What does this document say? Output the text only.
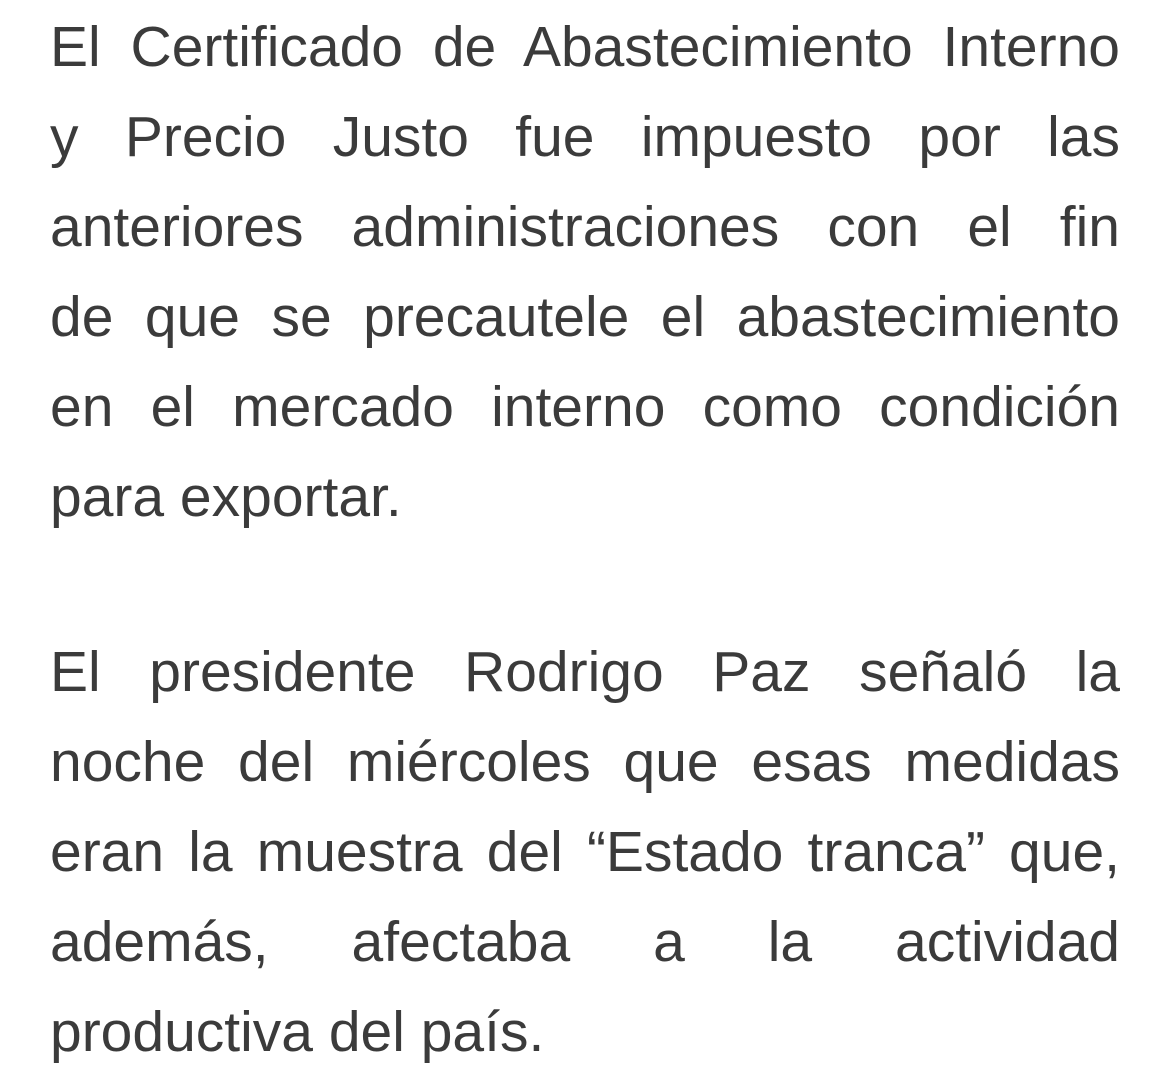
El Certificado de Abastecimiento Interno
y Precio Justo fue impuesto por las
anteriores administraciones con el fin
de que se precautele el abastecimiento
en el mercado interno como condición
para exportar.
El presidente Rodrigo Paz señaló la
noche del miércoles que esas medidas
eran la muestra del “Estado tranca” que,
además, afectaba a la actividad
productiva del país.
